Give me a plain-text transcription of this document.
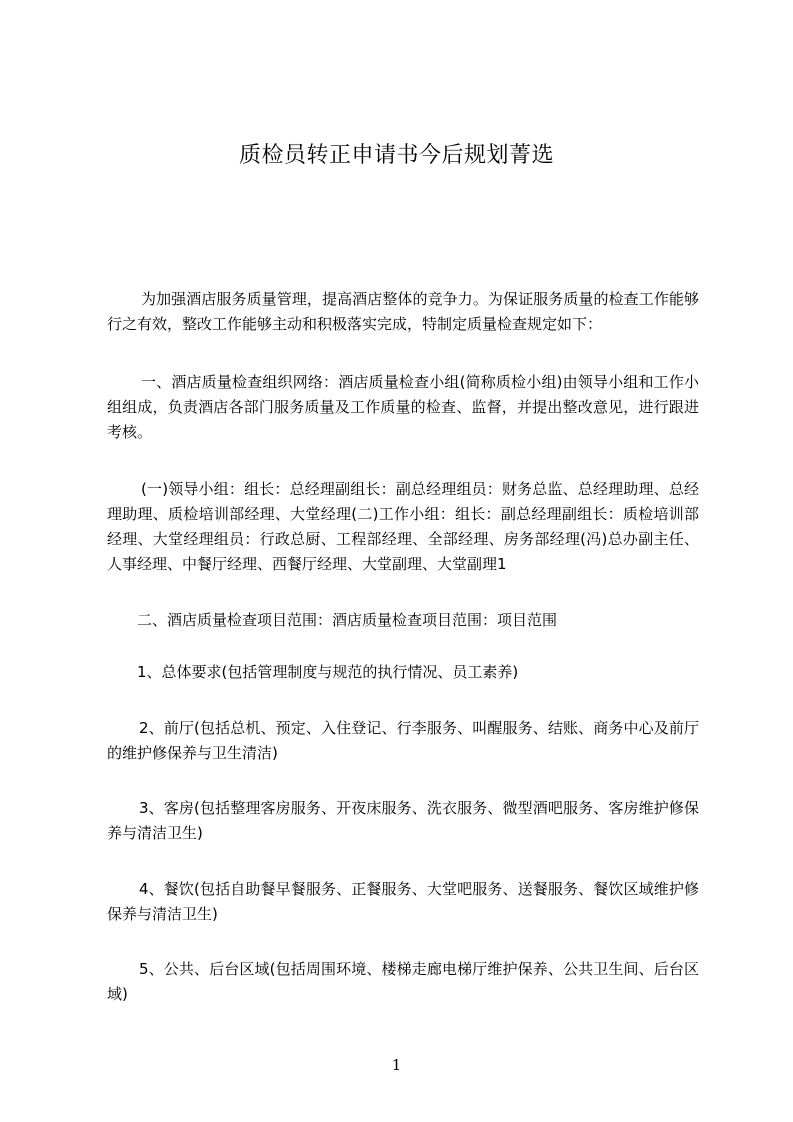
质检员转正申请书今后规划菁选
为加强酒店服务质量管理，提高酒店整体的竞争力。为保证服务质量的检查工作能够行之有效，整改工作能够主动和积极落实完成，特制定质量检查规定如下：
一、酒店质量检查组织网络：酒店质量检查小组(简称质检小组)由领导小组和工作小组组成，负责酒店各部门服务质量及工作质量的检查、监督，并提出整改意见，进行跟进考核。
(一)领导小组：组长：总经理副组长：副总经理组员：财务总监、总经理助理、总经理助理、质检培训部经理、大堂经理(二)工作小组：组长：副总经理副组长：质检培训部经理、大堂经理组员：行政总厨、工程部经理、全部经理、房务部经理(冯)总办副主任、人事经理、中餐厅经理、西餐厅经理、大堂副理、大堂副理1
二、酒店质量检查项目范围：酒店质量检查项目范围：项目范围
1、总体要求(包括管理制度与规范的执行情况、员工素养)
2、前厅(包括总机、预定、入住登记、行李服务、叫醒服务、结账、商务中心及前厅的维护修保养与卫生清洁)
3、客房(包括整理客房服务、开夜床服务、洗衣服务、微型酒吧服务、客房维护修保养与清洁卫生)
4、餐饮(包括自助餐早餐服务、正餐服务、大堂吧服务、送餐服务、餐饮区域维护修保养与清洁卫生)
5、公共、后台区域(包括周围环境、楼梯走廊电梯厅维护保养、公共卫生间、后台区域)
1
